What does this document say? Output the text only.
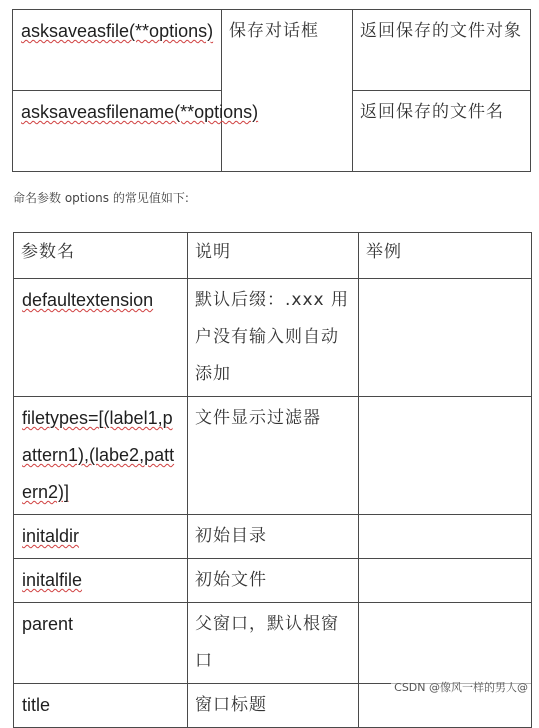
asksaveasfile(**options)	保存对话框	返回保存的文件对象
asksaveasfilename(**options)		返回保存的文件名
命名参数 options 的常见值如下:
参数名	说明	举例
defaultextension	默认后缀：.xxx 用户没有输入则自动添加	
filetypes=[(label1,pattern1),(labe2,pattern2)]	文件显示过滤器	
initaldir	初始目录	
initalfile	初始文件	
parent	父窗口，默认根窗口	
title	窗口标题	
CSDN @像风一样的男人@
